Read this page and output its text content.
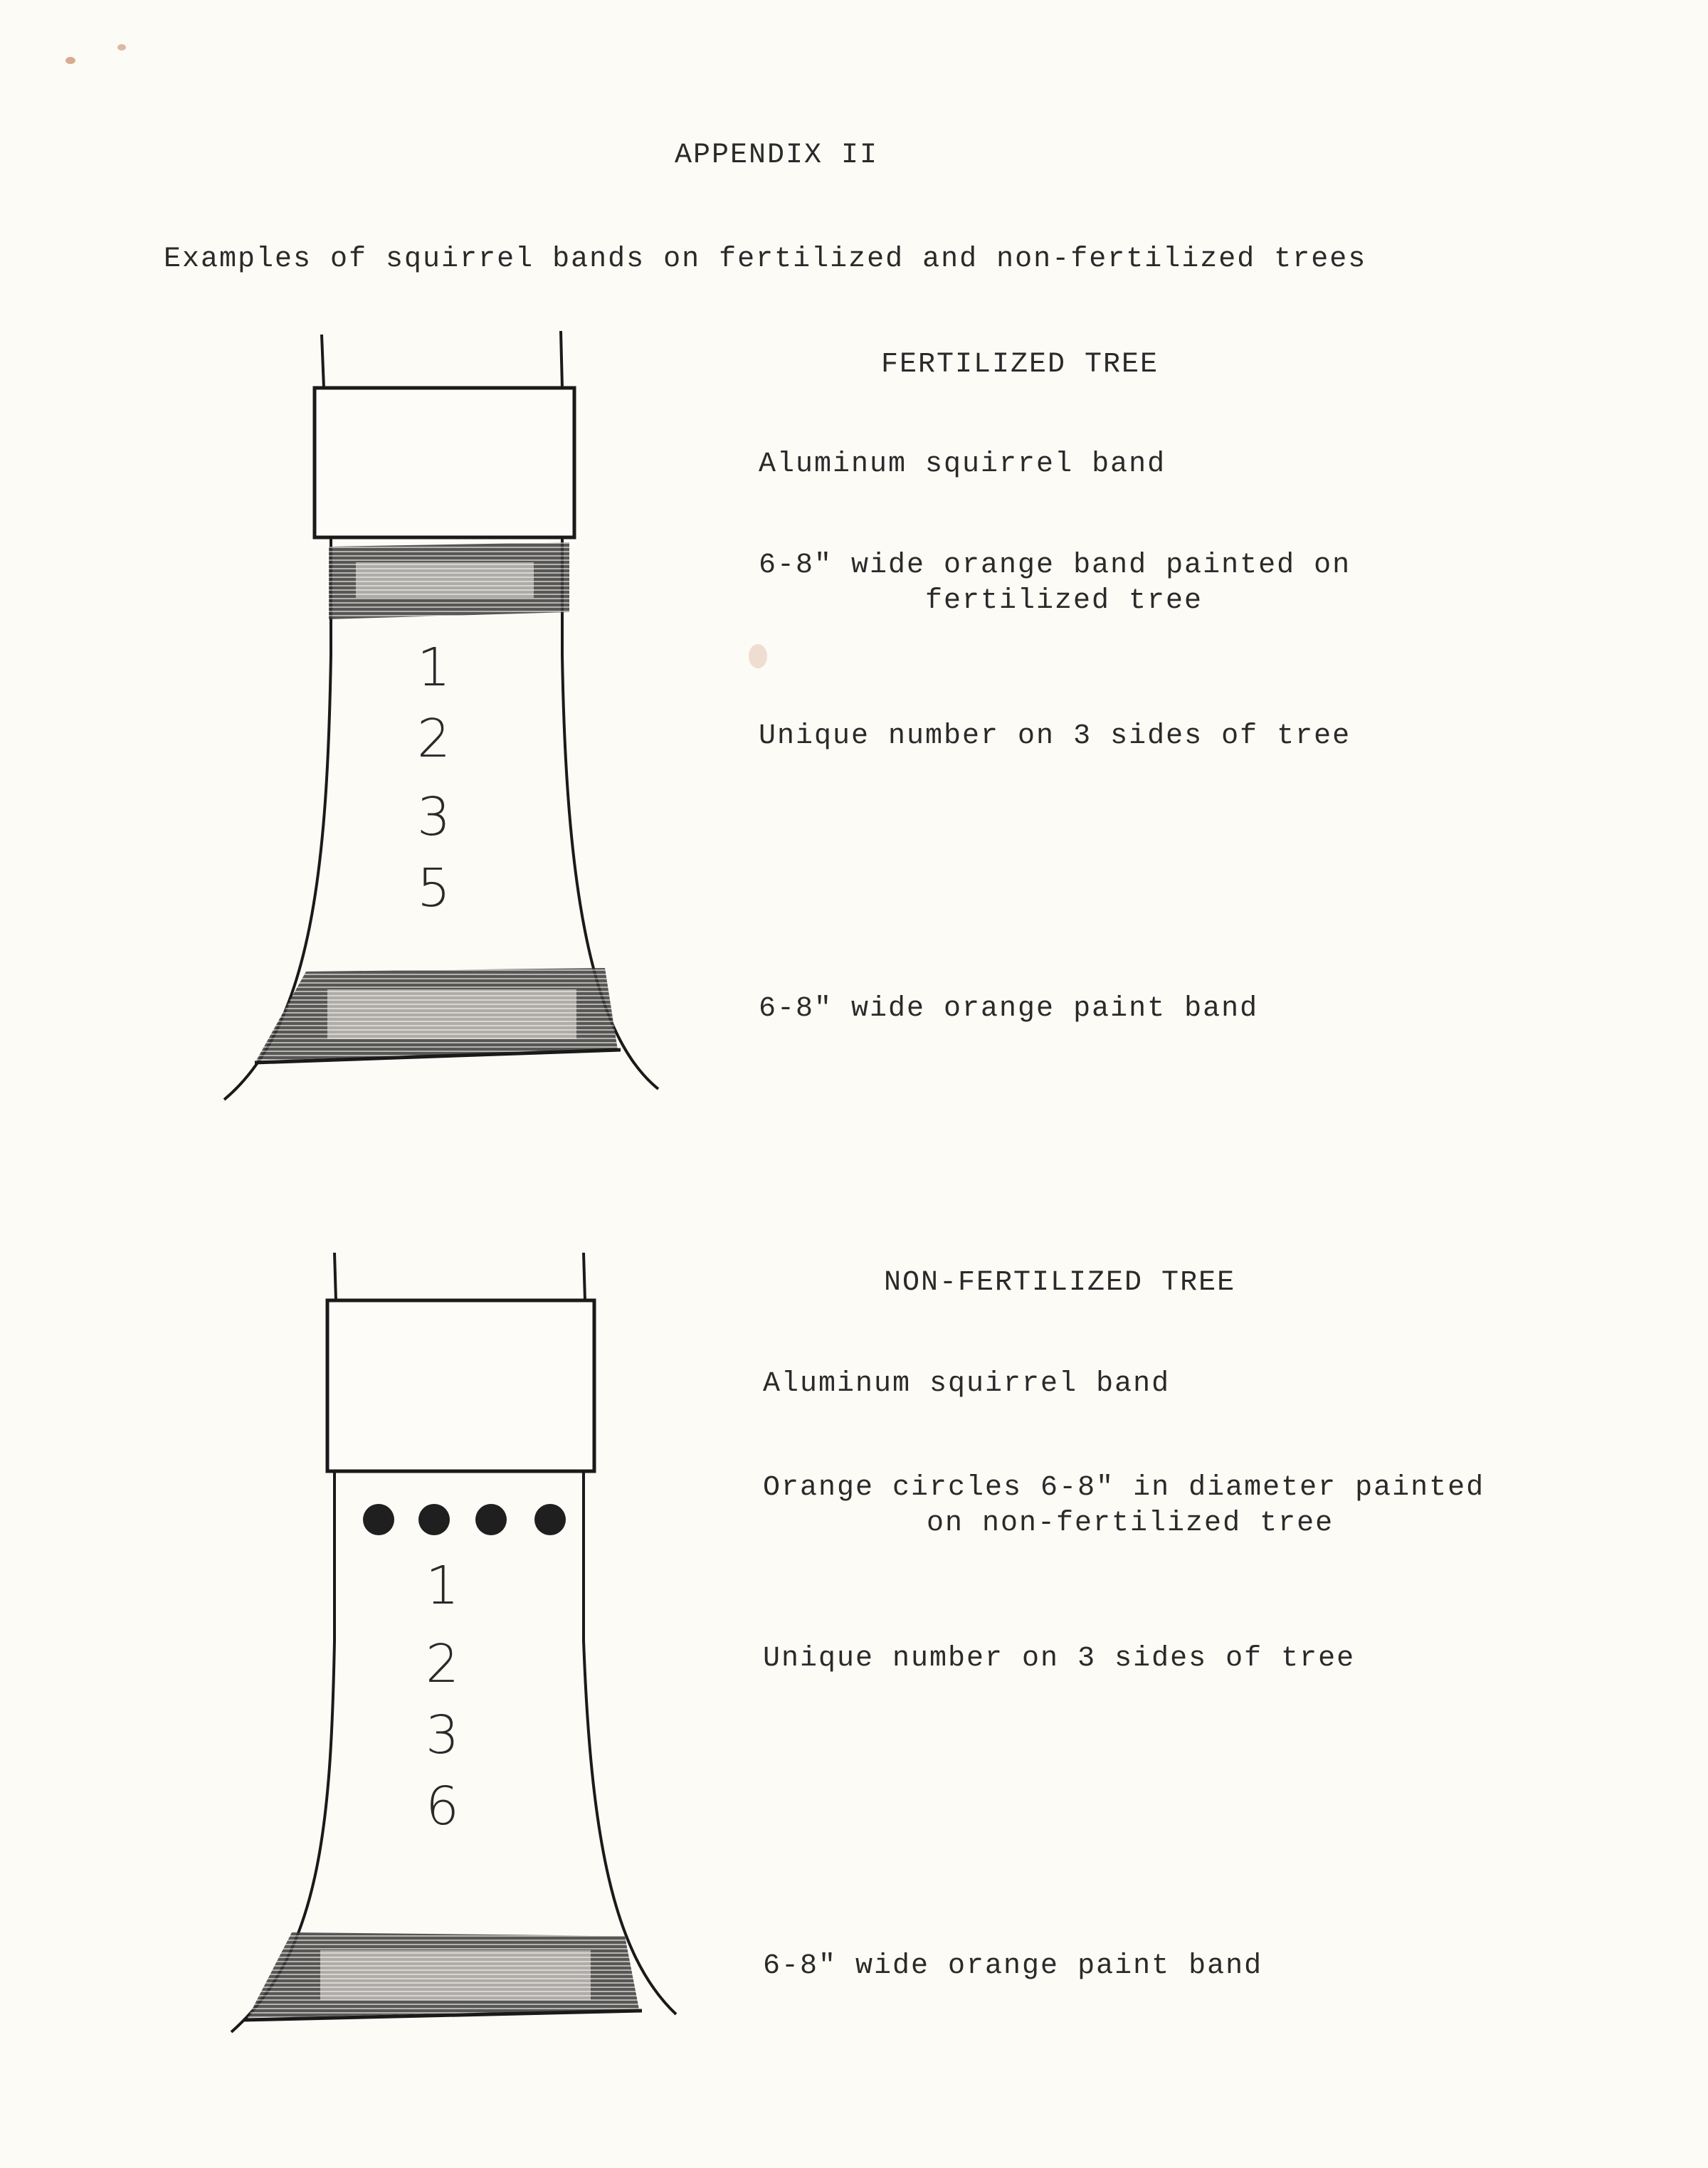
APPENDIX II
Examples of squirrel bands on fertilized and non-fertilized trees
1
2
3
5
FERTILIZED TREE
Aluminum squirrel band
6-8" wide orange band painted on
fertilized tree
Unique number on 3 sides of tree
6-8" wide orange paint band
1
2
3
6
NON-FERTILIZED TREE
Aluminum squirrel band
Orange circles 6-8" in diameter painted
on non-fertilized tree
Unique number on 3 sides of tree
6-8" wide orange paint band
